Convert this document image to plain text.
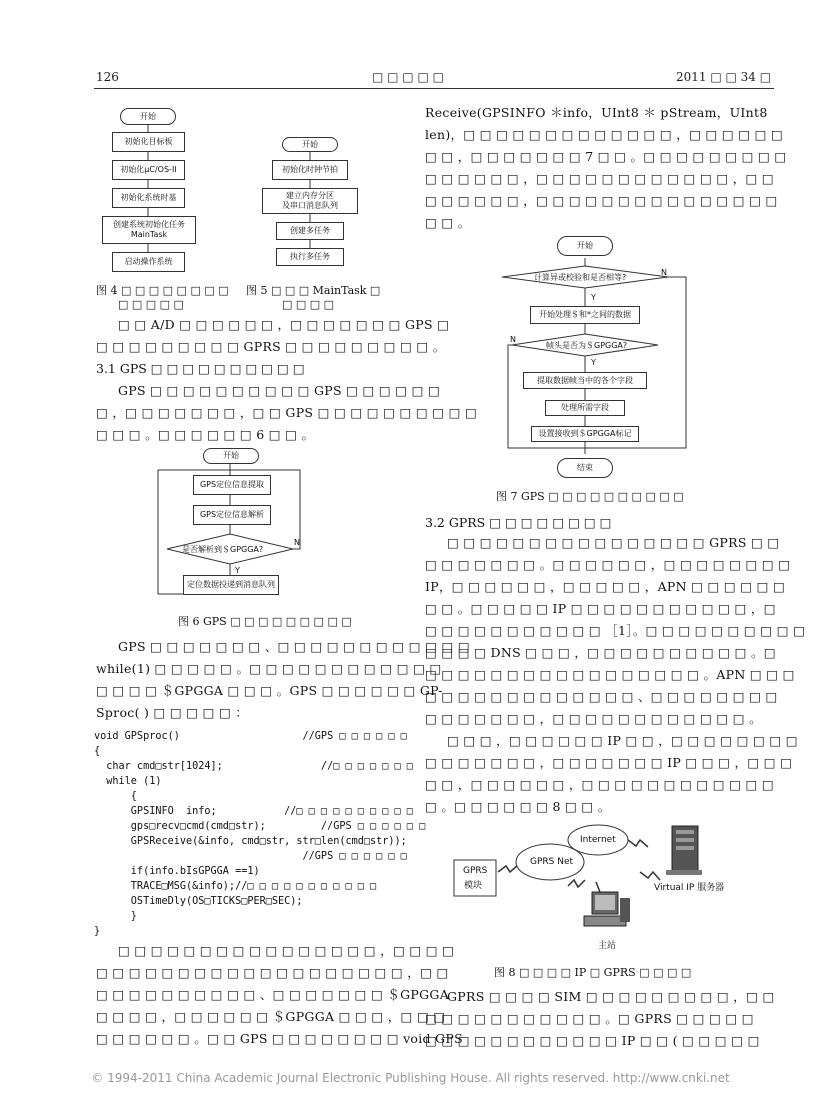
126	□ □ □ □ □	2011 □ □ 34 □
开始
初始化目标板
初始化μC/OS-II
初始化系统时基
创建系统初始化任务
MainTask
启动操作系统
图 4 □ □ □ □ □ □ □ □
□ □ □ □ □
开始
初始化时钟节拍
建立内存分区
及串口消息队列
创建多任务
执行多任务
图 5 □ □ □ MainTask □
□ □ □ □
□ □ A/D □ □ □ □ □ □ ，□ □ □ □ □ □ □ GPS □
□ □ □ □ □ □ □ □ □ GPRS □ □ □ □ □ □ □ □ □ 。
3.1 GPS □ □ □ □ □ □ □ □ □ □
GPS □ □ □ □ □ □ □ □ □ □ GPS □ □ □ □ □ □
□ ，□ □ □ □ □ □ □ ，□ □ GPS □ □ □ □ □ □ □ □ □ □
□ □ □ 。□ □ □ □ □ □ 6 □ □ 。
开始
GPS定位信息提取
GPS定位信息解析
是否解析到＄GPGGA?
Y
N
定位数据投递到消息队列
图 6 GPS □ □ □ □ □ □ □ □ □
GPS □ □ □ □ □ □ □ 、□ □ □ □ □ □ □ □ □ □ □ □
while(1) □ □ □ □ □ 。□ □ □ □ □ □ □ □ □ □ □ □
□ □ □ □ ＄GPGGA □ □ □ 。GPS □ □ □ □ □ □ GP-
Sproc( ) □ □ □ □ □ ：
void GPSproc()                    //GPS □ □ □ □ □ □
{
char cmd□str[1024];                //□ □ □ □ □ □ □
while (1)
{
GPSINFO  info;           //□ □ □ □ □ □ □ □ □ □
gps□recv□cmd(cmd□str);         //GPS □ □ □ □ □ □
GPSReceive(&info, cmd□str, str□len(cmd□str));
//GPS □ □ □ □ □ □
if(info.bIsGPGGA ==1)
TRACE□MSG(&info);//□ □ □ □ □ □ □ □ □ □ □
OSTimeDly(OS□TICKS□PER□SEC);
}
}
□ □ □ □ □ □ □ □ □ □ □ □ □ □ □ □ ，□ □ □ □
□ □ □ □ □ □ □ □ □ □ □ □ □ □ □ □ □ □ □ ，□ □
□ □ □ □ □ □ □ □ □ □ 、□ □ □ □ □ □ □ ＄GPGGA
□ □ □ □ ，□ □ □ □ □ □ ＄GPGGA □ □ □ ，□ □ □
□ □ □ □ □ □ 。□ □ GPS □ □ □ □ □ □ □ □ void GPS
Receive(GPSINFO ＊info，UInt8 ＊ pStream，UInt8
len)，□ □ □ □ □ □ □ □ □ □ □ □ □ ，□ □ □ □ □ □
□ □ ，□ □ □ □ □ □ □ 7 □ □ 。□ □ □ □ □ □ □ □ □
□ □ □ □ □ □ ，□ □ □ □ □ □ □ □ □ □ □ □ ，□ □
□ □ □ □ □ □ ，□ □ □ □ □ □ □ □ □ □ □ □ □ □ □
□ □ 。
开始
计算异或校验和是否相等?
N
Y
开始处理＄和*之间的数据
帧头是否为＄GPGGA?
N
Y
提取数据帧当中的各个字段
处理所需字段
设置接收到＄GPGGA标记
结束
图 7 GPS □ □ □ □ □ □ □ □ □ □
3.2 GPRS □ □ □ □ □ □ □ □
□ □ □ □ □ □ □ □ □ □ □ □ □ □ □ □ GPRS □ □
□ □ □ □ □ □ □ 。□ □ □ □ □ □ ，□ □ □ □ □ □ □ □
IP，□ □ □ □ □ □ ，□ □ □ □ □ ，APN □ □ □ □ □ □
□ □ 。□ □ □ □ □ IP □ □ □ □ □ □ □ □ □ □ □ ，□
□ □ □ □ □ □ □ □ □ □ □ ［1］。□ □ □ □ □ □ □ □ □ □
□ □ □ □ DNS □ □ □ ，□ □ □ □ □ □ □ □ □ □ 。□
□ □ □ □ □ □ □ □ □ □ □ □ □ □ □ □ □ 。APN □ □ □
□ □ □ □ □ □ □ □ □ □ □ □ □ 、□ □ □ □ □ □ □ □
□ □ □ □ □ □ □ ，□ □ □ □ □ □ □ □ □ □ □ □ 。
□ □ □ ，□ □ □ □ □ □ IP □ □ ，□ □ □ □ □ □ □ □
□ □ □ □ □ □ □ ，□ □ □ □ □ □ □ IP □ □ □ ，□ □ □
□ □ ，□ □ □ □ □ □ ，□ □ □ □ □ □ □ □ □ □ □ □
□ 。□ □ □ □ □ □ 8 □ □ 。
GPRS
模块
GPRS Net
Internet
Virtual IP 服务器
主站
图 8 □ □ □ □ IP □ GPRS □ □ □ □
GPRS □ □ □ □ SIM □ □ □ □ □ □ □ □ □ ，□ □
□ □ □ □ □ □ □ □ □ □ □ 。□ GPRS □ □ □ □ □
□ □ □ □ □ □ □ □ □ □ □ □ IP □ □ ( □ □ □ □ □
© 1994-2011 China Academic Journal Electronic Publishing House. All rights reserved. http://www.cnki.net
